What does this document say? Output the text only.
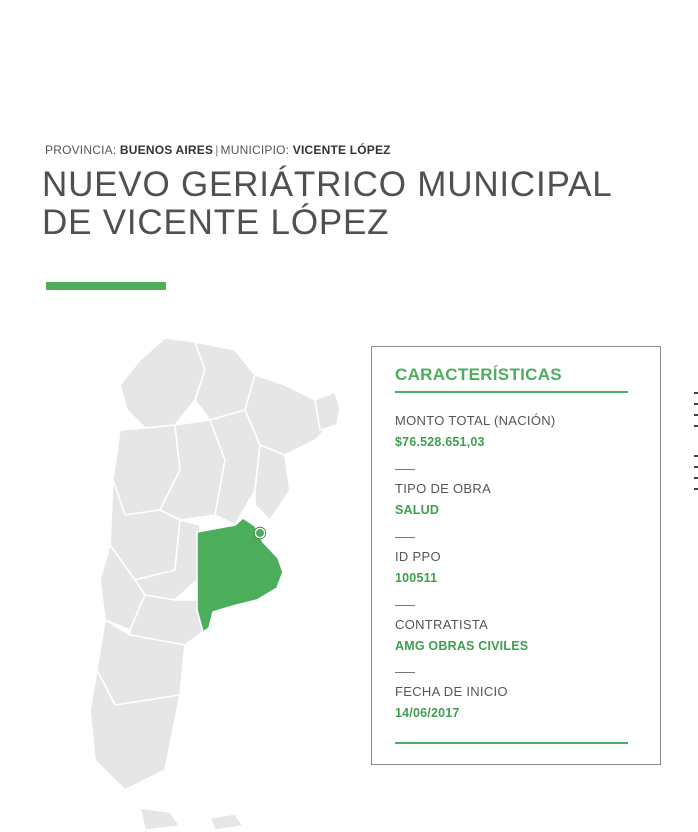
PROVINCIA: BUENOS AIRES | MUNICIPIO: VICENTE LÓPEZ
NUEVO GERIÁTRICO MUNICIPAL
DE VICENTE LÓPEZ
CARACTERÍSTICAS
MONTO TOTAL (NACIÓN)
$76.528.651,03
TIPO DE OBRA
SALUD
ID PPO
100511
CONTRATISTA
AMG OBRAS CIVILES
FECHA DE INICIO
14/06/2017
